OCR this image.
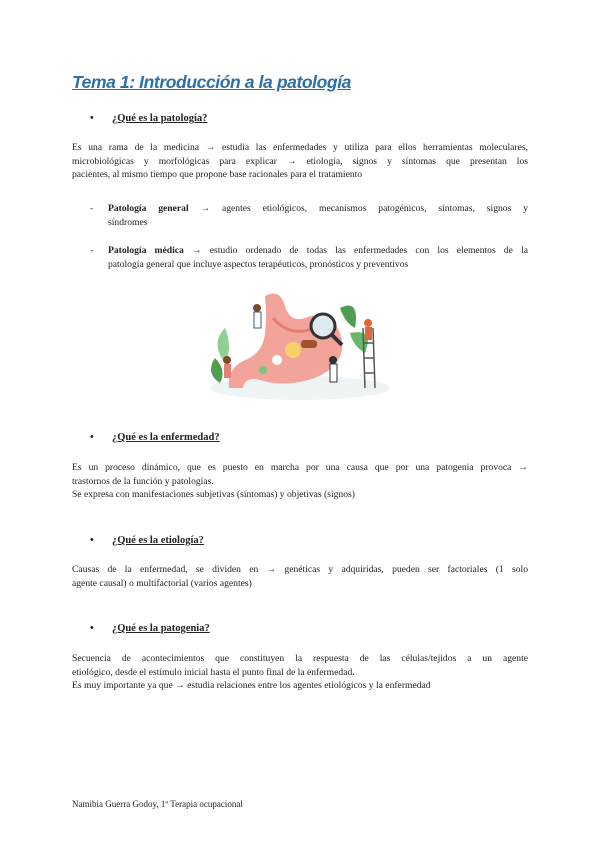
Tema 1: Introducción a la patología

• ¿Qué es la patología?

Es una rama de la medicina → estudia las enfermedades y utiliza para ellos herramientas moleculares,
microbiológicas y morfológicas para explicar → etiología, signos y síntomas que presentan los
pacientes, al mismo tiempo que propone base racionales para el tratamiento

- Patología general → agentes etiológicos, mecanismos patogénicos, síntomas, signos y
síndromes
- Patología médica → estudio ordenado de todas las enfermedades con los elementos de la
patología general que incluye aspectos terapéuticos, pronósticos y preventivos

• ¿Qué es la enfermedad?

Es un proceso dinámico, que es puesto en marcha por una causa que por una patogenia provoca →
trastornos de la función y patologías.
Se expresa con manifestaciones subjetivas (síntomas) y objetivas (signos)

• ¿Qué es la etiología?

Causas de la enfermedad, se dividen en → genéticas y adquiridas, pueden ser factoriales (1 solo
agente causal) o multifactorial (varios agentes)

• ¿Qué es la patogenia?

Secuencia de acontecimientos que constituyen la respuesta de las células/tejidos a un agente
etiológico, desde el estímulo inicial hasta el punto final de la enfermedad.
Es muy importante ya que → estudia relaciones entre los agentes etiológicos y la enfermedad

Namibia Guerra Godoy, 1º Terapia ocupacional
